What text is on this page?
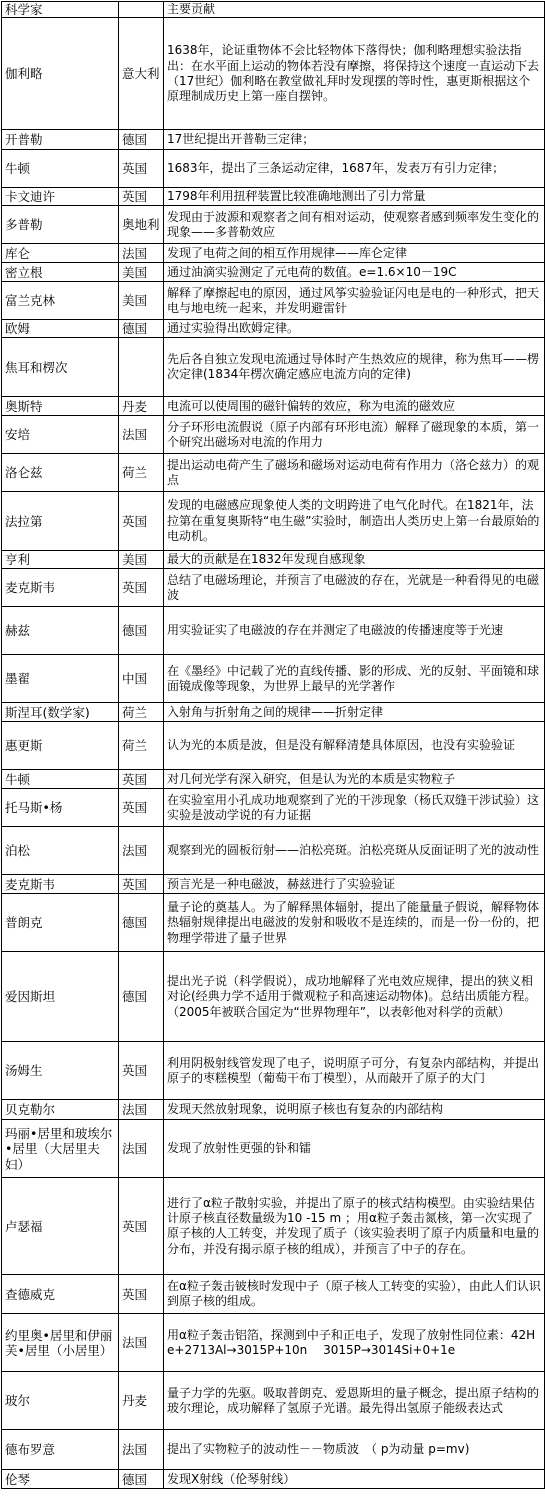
科学家		主要贡献
伽利略	意大利	1638年，论证重物体不会比轻物体下落得快；伽利略理想实验法指出：在水平面上运动的物体若没有摩擦，将保持这个速度一直运动下去（17世纪）伽利略在教堂做礼拜时发现摆的等时性，惠更斯根据这个原理制成历史上第一座自摆钟。
开普勒	德国	17世纪提出开普勒三定律；
牛顿	英国	1683年，提出了三条运动定律，1687年，发表万有引力定律；
卡文迪许	英国	1798年利用扭秤装置比较准确地测出了引力常量
多普勒	奥地利	发现由于波源和观察者之间有相对运动，使观察者感到频率发生变化的现象——多普勒效应
库仑	法国	发现了电荷之间的相互作用规律——库仑定律
密立根	美国	通过油滴实验测定了元电荷的数值。e=1.6×10－19C
富兰克林	美国	解释了摩擦起电的原因，通过风筝实验验证闪电是电的一种形式，把天电与地电统一起来，并发明避雷针
欧姆	德国	通过实验得出欧姆定律。
焦耳和楞次		先后各自独立发现电流通过导体时产生热效应的规律，称为焦耳——楞次定律(1834年楞次确定感应电流方向的定律)
奥斯特	丹麦	电流可以使周围的磁针偏转的效应，称为电流的磁效应
安培	法国	分子环形电流假说（原子内部有环形电流）解释了磁现象的本质，第一个研究出磁场对电流的作用力
洛仑兹	荷兰	提出运动电荷产生了磁场和磁场对运动电荷有作用力（洛仑兹力）的观点
法拉第	英国	发现的电磁感应现象使人类的文明跨进了电气化时代。在1821年，法拉第在重复奥斯特“电生磁”实验时，制造出人类历史上第一台最原始的电动机。
亨利	美国	最大的贡献是在1832年发现自感现象
麦克斯韦	英国	总结了电磁场理论，并预言了电磁波的存在，光就是一种看得见的电磁波
赫兹	德国	用实验证实了电磁波的存在并测定了电磁波的传播速度等于光速
墨翟	中国	在《墨经》中记载了光的直线传播、影的形成、光的反射、平面镜和球面镜成像等现象，为世界上最早的光学著作
斯涅耳(数学家)	荷兰	入射角与折射角之间的规律——折射定律
惠更斯	荷兰	认为光的本质是波，但是没有解释清楚具体原因，也没有实验验证
牛顿	英国	对几何光学有深入研究，但是认为光的本质是实物粒子
托马斯•杨	英国	在实验室用小孔成功地观察到了光的干涉现象（杨氏双缝干涉试验）这实验是波动学说的有力证据
泊松	法国	观察到光的圆板衍射——泊松亮斑。泊松亮斑从反面证明了光的波动性
麦克斯韦	英国	预言光是一种电磁波，赫兹进行了实验验证
普朗克	德国	量子论的奠基人。为了解释黑体辐射，提出了能量量子假说，解释物体热辐射规律提出电磁波的发射和吸收不是连续的，而是一份一份的，把物理学带进了量子世界
爱因斯坦	德国	提出光子说（科学假说），成功地解释了光电效应规律，提出的狭义相对论(经典力学不适用于微观粒子和高速运动物体)。总结出质能方程。（2005年被联合国定为“世界物理年”，以表彰他对科学的贡献）
汤姆生	英国	利用阴极射线管发现了电子，说明原子可分，有复杂内部结构，并提出原子的枣糕模型（葡萄干布丁模型），从而敲开了原子的大门
贝克勒尔	法国	发现天然放射现象，说明原子核也有复杂的内部结构
玛丽•居里和玻埃尔•居里（大居里夫妇）	法国	发现了放射性更强的钋和镭
卢瑟福	英国	进行了α粒子散射实验，并提出了原子的核式结构模型。由实验结果估计原子核直径数量级为10 -15 m ；用α粒子轰击氮核，第一次实现了原子核的人工转变，并发现了质子（该实验表明了原子内质量和电量的分布，并没有揭示原子核的组成），并预言了中子的存在。
查德威克	英国	在α粒子轰击铍核时发现中子（原子核人工转变的实验），由此人们认识到原子核的组成。
约里奥•居里和伊丽芙•居里（小居里）	法国	用α粒子轰击铝箔，探测到中子和正电子，发现了放射性同位素：42He+2713Al→3015P+10n　 3015P→3014Si+0+1e
玻尔	丹麦	量子力学的先驱。吸取普朗克、爱恩斯坦的量子概念，提出原子结构的玻尔理论，成功解释了氢原子光谱。最先得出氢原子能级表达式
德布罗意	法国	提出了实物粒子的波动性－－物质波　（ p为动量 p=mv)
伦琴	德国	发现X射线（伦琴射线）
